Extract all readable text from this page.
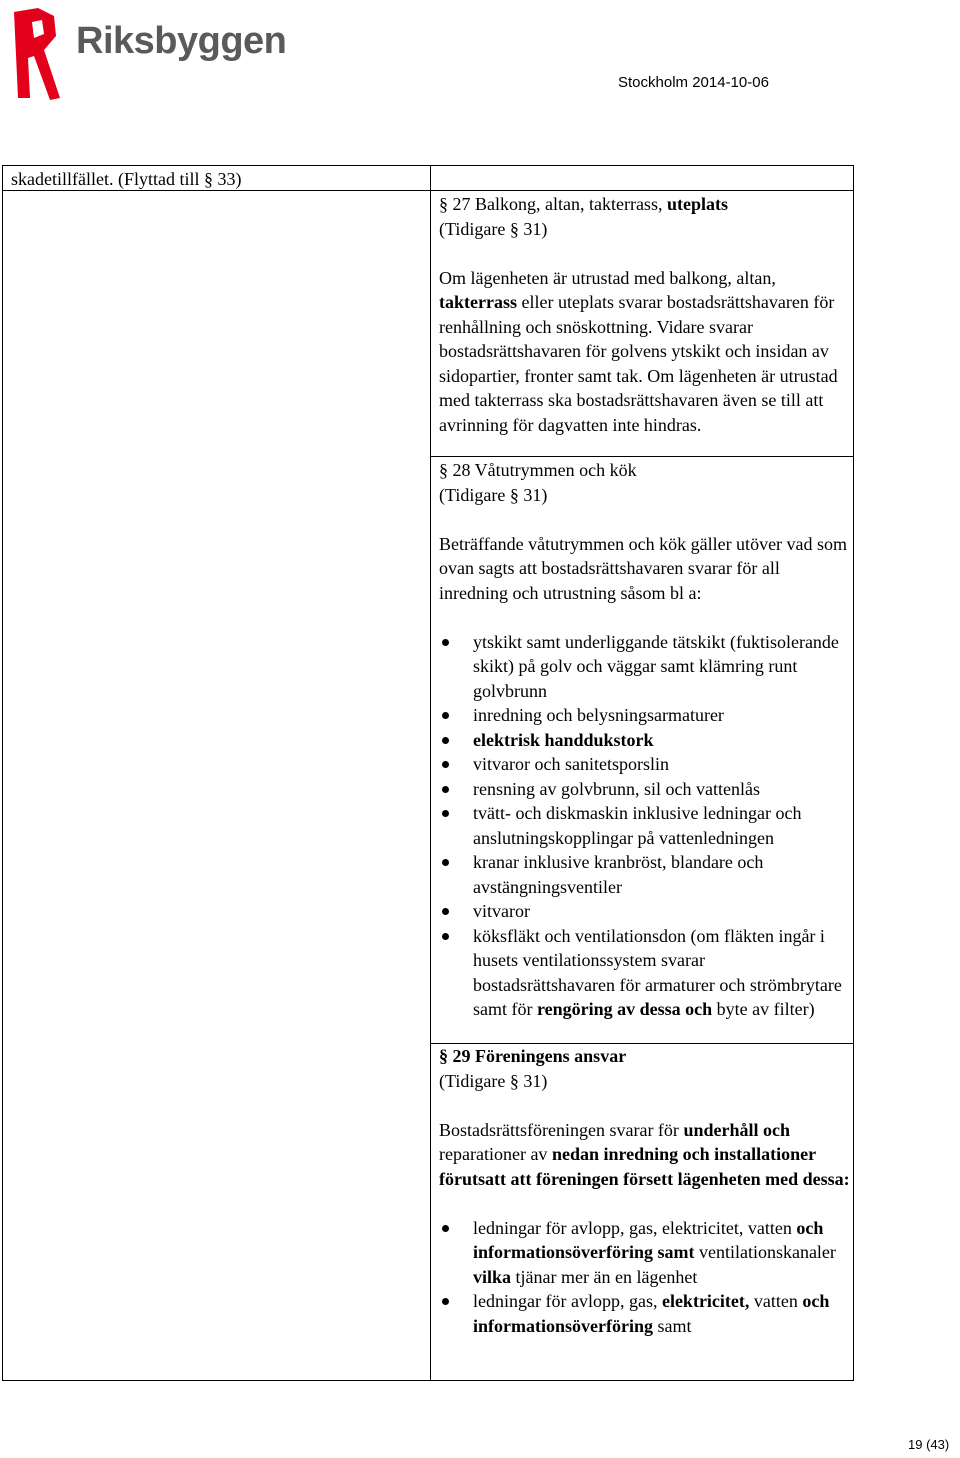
Riksbyggen
Stockholm 2014-10-06
skadetillfället. (Flyttad till § 33)

§ 27 Balkong, altan, takterrass, uteplats

(Tidigare § 31)

Om lägenheten är utrustad med balkong, altan, takterrass eller uteplats svarar bostadsrättshavaren för renhållning och snöskottning. Vidare svarar bostadsrättshavaren för golvens ytskikt och insidan av sidopartier, fronter samt tak. Om lägenheten är utrustad med takterrass ska bostadsrättshavaren även se till att avrinning för dagvatten inte hindras.

§ 28 Våtutrymmen och kök

(Tidigare § 31)

Beträffande våtutrymmen och kök gäller utöver vad som ovan sagts att bostadsrättshavaren svarar för all inredning och utrustning såsom bl a:

ytskikt samt underliggande tätskikt (fuktisolerande skikt) på golv och väggar samt klämring runt golvbrunn
inredning och belysningsarmaturer
elektrisk handdukstork
vitvaror och sanitetsporslin
rensning av golvbrunn, sil och vattenlås
tvätt- och diskmaskin inklusive ledningar och anslutningskopplingar på vattenledningen
kranar inklusive kranbröst, blandare och avstängningsventiler
vitvaror
köksfläkt och ventilationsdon (om fläkten ingår i husets ventilationssystem svarar bostadsrättshavaren för armaturer och strömbrytare samt för rengöring av dessa och byte av filter)

§ 29 Föreningens ansvar

(Tidigare § 31)

Bostadsrättsföreningen svarar för underhåll och reparationer av nedan inredning och installationer förutsatt att föreningen försett lägenheten med dessa:

ledningar för avlopp, gas, elektricitet, vatten och informationsöverföring samt ventilationskanaler vilka tjänar mer än en lägenhet
ledningar för avlopp, gas, elektricitet, vatten och informationsöverföring samt
19 (43)
